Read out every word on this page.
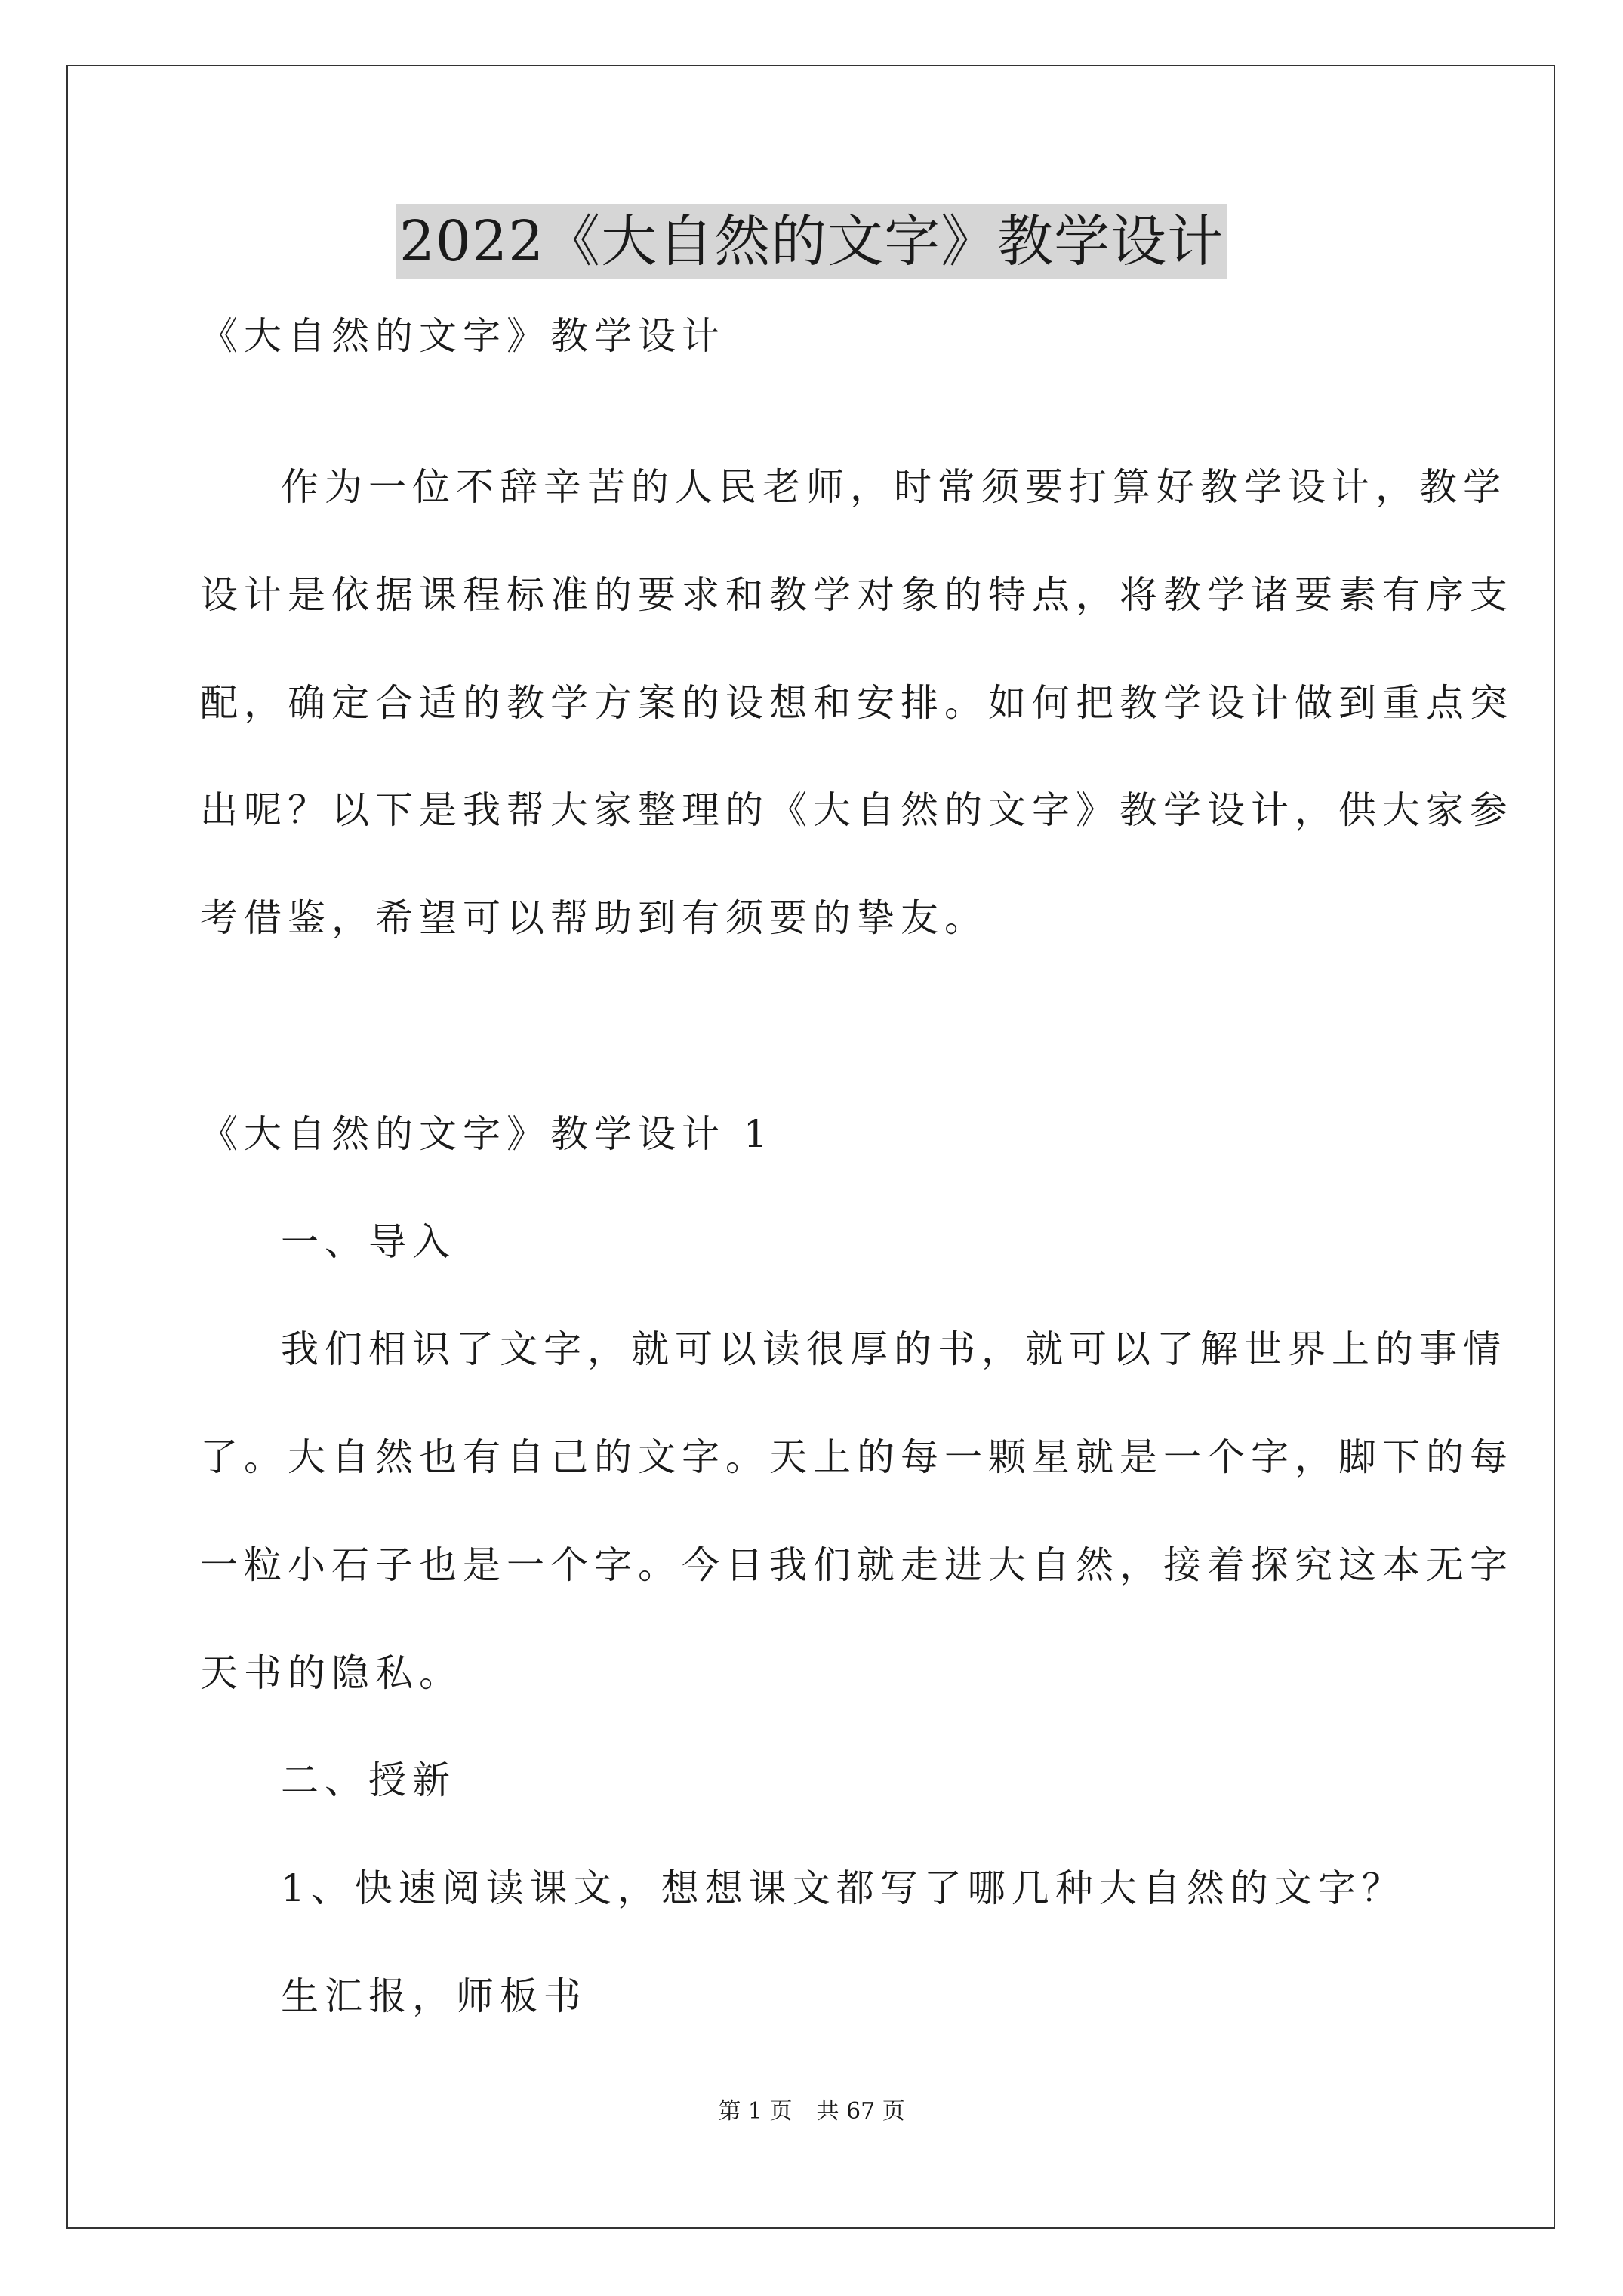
2022《大自然的文字》教学设计
《大自然的文字》教学设计
作为一位不辞辛苦的人民老师，时常须要打算好教学设计，教学
设计是依据课程标准的要求和教学对象的特点，将教学诸要素有序支
配，确定合适的教学方案的设想和安排。如何把教学设计做到重点突
出呢？以下是我帮大家整理的《大自然的文字》教学设计，供大家参
考借鉴，希望可以帮助到有须要的挚友。
《大自然的文字》教学设计 1
一、导入
我们相识了文字，就可以读很厚的书，就可以了解世界上的事情
了。大自然也有自己的文字。天上的每一颗星就是一个字，脚下的每
一粒小石子也是一个字。今日我们就走进大自然，接着探究这本无字
天书的隐私。
二、授新
1、快速阅读课文，想想课文都写了哪几种大自然的文字？
生汇报，师板书
第 1 页 共 67 页
